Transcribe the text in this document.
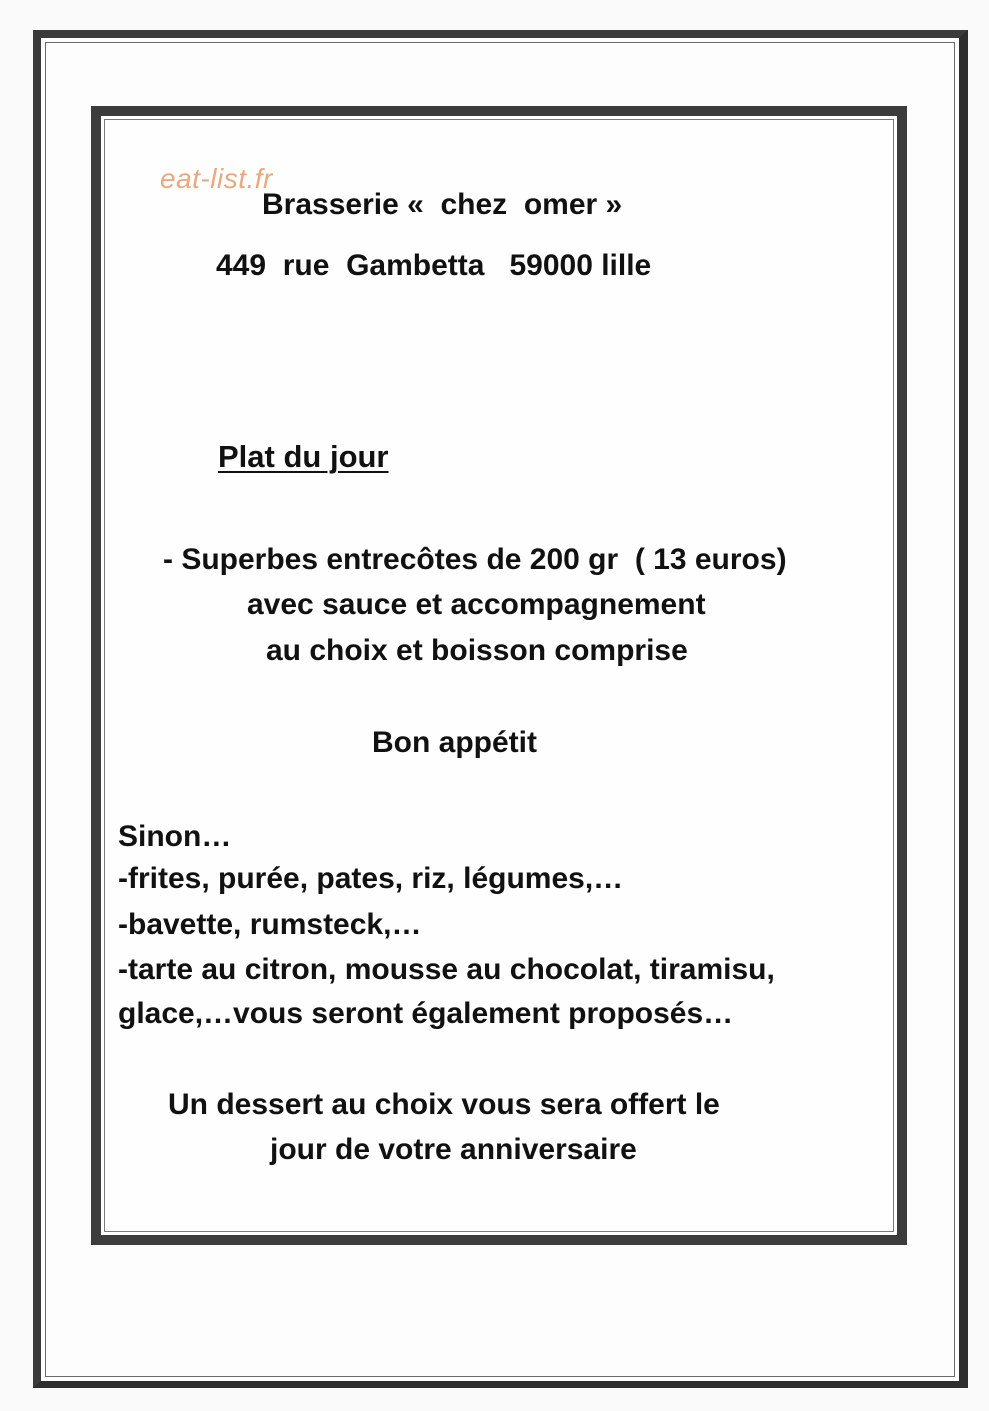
eat-list.fr
Brasserie «  chez  omer »
449  rue  Gambetta   59000 lille
Plat du jour
- Superbes entrecôtes de 200 gr  ( 13 euros)
avec sauce et accompagnement
au choix et boisson comprise
Bon appétit
Sinon…
-frites, purée, pates, riz, légumes,…
-bavette, rumsteck,…
-tarte au citron, mousse au chocolat, tiramisu,
glace,…vous seront également proposés…
Un dessert au choix vous sera offert le
jour de votre anniversaire
